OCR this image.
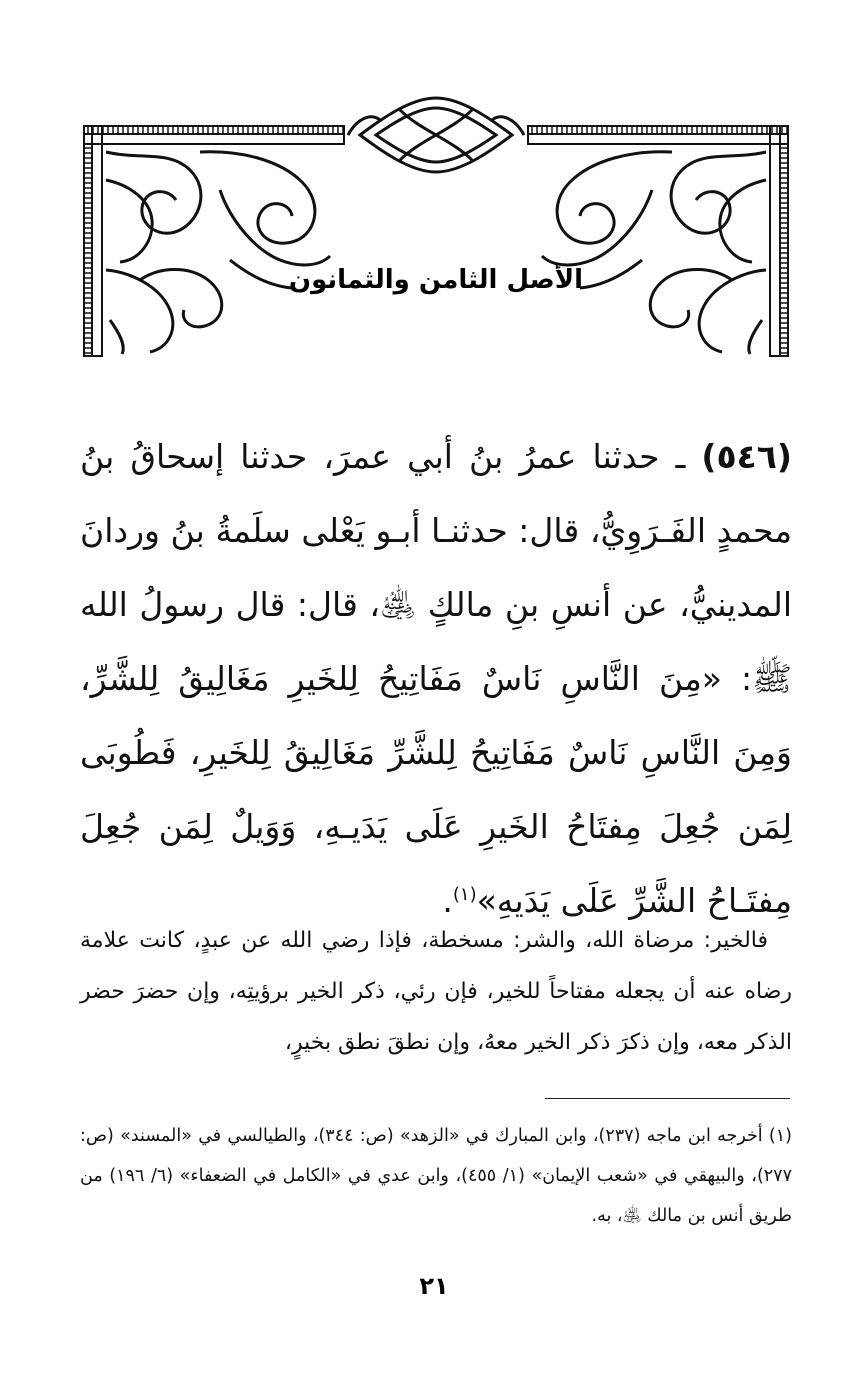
الأصل الثامن والثمانون

(٥٤٦) ـ حدثنا عمرُ بنُ أبي عمرَ، حدثنا إسحاقُ بنُ محمدٍ الفَـرَوِيُّ، قال: حدثنـا أبـو يَعْلى سلَمةُ بنُ وردانَ المدينيُّ، عن أنسِ بنِ مالكٍ ﵁، قال: قال رسولُ الله ﷺ: «مِنَ النَّاسِ نَاسٌ مَفَاتِيحُ لِلخَيرِ مَغَالِيقُ لِلشَّرِّ، وَمِنَ النَّاسِ نَاسٌ مَفَاتِيحُ لِلشَّرِّ مَغَالِيقُ لِلخَيرِ، فَطُوبَى لِمَن جُعِلَ مِفتَاحُ الخَيرِ عَلَى يَدَيـهِ، وَوَيلٌ لِمَن جُعِلَ مِفتَـاحُ الشَّرِّ عَلَى يَدَيهِ»$^{(١)}$.

فالخير: مرضاة الله، والشر: مسخطة، فإذا رضي الله عن عبدٍ، كانت علامة رضاه عنه أن يجعله مفتاحاً للخير، فإن رئي، ذكر الخير برؤيتِه، وإن حضرَ حضر الذكر معه، وإن ذكرَ ذكر الخير معهُ، وإن نطقَ نطق بخيرٍ،

(١) أخرجه ابن ماجه (٢٣٧)، وابن المبارك في «الزهد» (ص: ٣٤٤)، والطيالسي في «المسند» (ص: ٢٧٧)، والبيهقي في «شعب الإيمان» (١/ ٤٥٥)، وابن عدي في «الكامل في الضعفاء» (٦/ ١٩٦) من طريق أنس بن مالك ﵁، به.

٢١
